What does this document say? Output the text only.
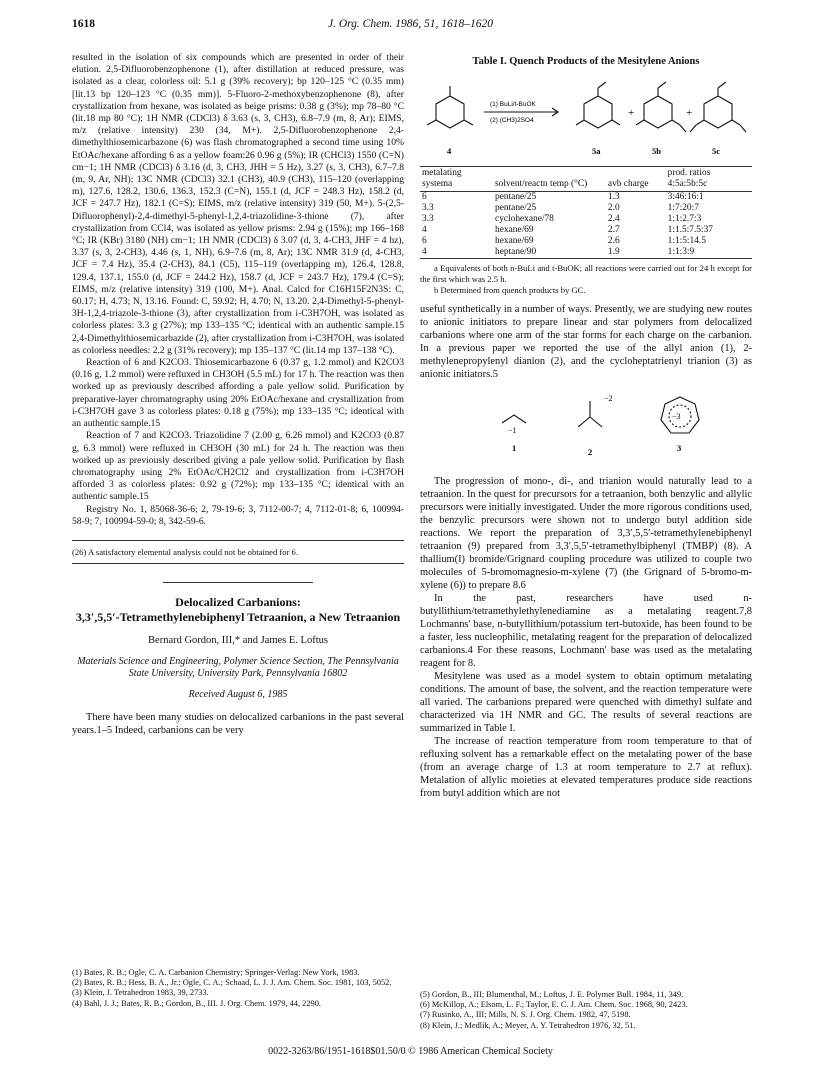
1618	J. Org. Chem. 1986, 51, 1618–1620

resulted in the isolation of six compounds which are presented in order of their elution. 2,5-Difluorobenzophenone (1), after distillation at reduced pressure, was isolated as a clear, colorless oil: 5.1 g (39% recovery); bp 120–125 °C (0.35 mm) [lit.13 bp 120–123 °C (0.35 mm)]. 5-Fluoro-2-methoxybenzophenone (8), after crystallization from hexane, was isolated as beige prisms: 0.38 g (3%); mp 78–80 °C (lit.18 mp 80 °C); 1H NMR (CDCl3) δ 3.63 (s, 3, CH3), 6.8–7.9 (m, 8, Ar); EIMS, m/z (relative intensity) 230 (34, M+). 2,5-Difluorobenzophenone 2,4-dimethylthiosemicarbazone (6) was flash chromatographed a second time using 10% EtOAc/hexane affording 6 as a yellow foam:26 0.96 g (5%); IR (CHCl3) 1550 (C=N) cm−1; 1H NMR (CDCl3) δ 3.16 (d, 3, CH3, JHH = 5 Hz), 3.27 (s, 3, CH3), 6.7–7.8 (m, 9, Ar, NH); 13C NMR (CDCl3) 32.1 (CH3), 40.9 (CH3), 115–120 (overlapping m), 127.6, 128.2, 130.6, 136.3, 152.3 (C=N), 155.1 (d, JCF = 248.3 Hz), 158.2 (d, JCF = 247.7 Hz), 182.1 (C=S); EIMS, m/z (relative intensity) 319 (50, M+). 5-(2,5-Difluorophenyl)-2,4-dimethyl-5-phenyl-1,2,4-triazolidine-3-thione (7), after crystallization from CCl4, was isolated as yellow prisms: 2.94 g (15%); mp 166–168 °C; IR (KBr) 3180 (NH) cm−1; 1H NMR (CDCl3) δ 3.07 (d, 3, 4-CH3, JHF = 4 hz), 3.37 (s, 3, 2-CH3), 4.46 (s, 1, NH), 6.9–7.6 (m, 8, Ar); 13C NMR 31.9 (d, 4-CH3, JCF = 7.4 Hz), 35.4 (2-CH3), 84.1 (C5), 115–119 (overlapping m), 126.4, 128.8, 129.4, 137.1, 155.0 (d, JCF = 244.2 Hz), 158.7 (d, JCF = 243.7 Hz), 179.4 (C=S); EIMS, m/z (relative intensity) 319 (100, M+). Anal. Calcd for C16H15F2N3S: C, 60.17; H, 4.73; N, 13.16. Found: C, 59.92; H, 4.70; N, 13.20. 2,4-Dimethyl-5-phenyl-3H-1,2,4-triazole-3-thione (3), after crystallization from i-C3H7OH, was isolated as colorless plates: 3.3 g (27%); mp 133–135 °C; identical with an authentic sample.15 2,4-Dimethylthiosemicarbazide (2), after crystallization from i-C3H7OH, was isolated as colorless needles: 2.2 g (31% recovery); mp 135–137 °C (lit.14 mp 137–138 °C).

Reaction of 6 and K2CO3. Thiosemicarbazone 6 (0.37 g, 1.2 mmol) and K2CO3 (0.16 g, 1.2 mmol) were refluxed in CH3OH (5.5 mL) for 17 h. The reaction was then worked up as previously described affording a pale yellow solid. Purification by preparative-layer chromatography using 20% EtOAc/hexane and crystallization from i-C3H7OH gave 3 as colorless plates: 0.18 g (75%); mp 133–135 °C; identical with an authentic sample.15

Reaction of 7 and K2CO3. Triazolidine 7 (2.00 g, 6.26 mmol) and K2CO3 (0.87 g, 6.3 mmol) were refluxed in CH3OH (30 mL) for 24 h. The reaction was then worked up as previously described giving a pale yellow solid. Purification by flash chromatography using 2% EtOAc/CH2Cl2 and crystallization from i-C3H7OH afforded 3 as colorless plates: 0.92 g (72%); mp 133–135 °C; identical with an authentic sample.15

Registry No. 1, 85068-36-6; 2, 79-19-6; 3, 7112-00-7; 4, 7112-01-8; 6, 100994-58-9; 7, 100994-59-0; 8, 342-59-6.

(26) A satisfactory elemental analysis could not be obtained for 6.

Delocalized Carbanions:
3,3′,5,5′-Tetramethylenebiphenyl Tetraanion, a New Tetraanion
Bernard Gordon, III,* and James E. Loftus
Materials Science and Engineering, Polymer Science Section, The Pennsylvania State University, University Park, Pennsylvania 16802
Received August 6, 1985

There have been many studies on delocalized carbanions in the past several years.1–5 Indeed, carbanions can be very

Table I. Quench Products of the Mesitylene Anions
(1) BuLi/t-BuOK
(2) (CH3)2SO4
+	+
4	5a	5b	5c
metalating systema	solvent/reactn temp (°C)	avb charge	prod. ratios 4:5a:5b:5c
6	pentane/25	1.3	3:46:16:1
3.3	pentane/25	2.0	1:7:20:7
3.3	cyclohexane/78	2.4	1:1:2.7:3
4	hexane/69	2.7	1:1.5:7.5:37
6	hexane/69	2.6	1:1:5:14.5
4	heptane/90	1.9	1:1:3:9

a Equivalents of both n-BuLi and t-BuOK; all reactions were carried out for 24 h except for the first which was 2.5 h.

b Determined from quench products by GC.

useful synthetically in a number of ways. Presently, we are studying new routes to anionic initiators to prepare linear and star polymers from delocalized carbanions where one arm of the star forms for each charge on the carbanion. In a previous paper we reported the use of the allyl anion (1), 2-methylenepropylenyl dianion (2), and the cycloheptatrienyl trianion (3) as anionic initiators.5

−1
−2
−3
1	2	3

The progression of mono-, di-, and trianion would naturally lead to a tetraanion. In the quest for precursors for a tetraanion, both benzylic and allylic precursors were initially investigated. Under the more rigorous conditions used, the benzylic precursors were shown not to undergo butyl addition side reactions. We report the preparation of 3,3′,5,5′-tetramethylenebiphenyl tetraanion (9) prepared from 3,3′,5,5′-tetramethylbiphenyl (TMBP) (8). A thallium(I) bromide/Grignard coupling procedure was utilized to couple two molecules of 5-bromomagnesio-m-xylene (7) (the Grignard of 5-bromo-m-xylene (6)) to prepare 8.6

In the past, researchers have used n-butyllithium/tetramethylethylenediamine as a metalating reagent.7,8 Lochmanns' base, n-butyllithium/potassium tert-butoxide, has been found to be a faster, less nucleophilic, metalating reagent for the preparation of delocalized carbanions.4 For these reasons, Lochmann' base was used as the metalating reagent for 8.

Mesitylene was used as a model system to obtain optimum metalating conditions. The amount of base, the solvent, and the reaction temperature were all varied. The carbanions prepared were quenched with dimethyl sulfate and characterized via 1H NMR and GC. The results of several reactions are summarized in Table I.

The increase of reaction temperature from room temperature to that of refluxing solvent has a remarkable effect on the metalating power of the base (from an average charge of 1.3 at room temperature to 2.7 at reflux). Metalation of allylic moieties at elevated temperatures produce side reactions from butyl addition which are not

(1) Bates, R. B.; Ogle, C. A. Carbanion Chemistry; Springer-Verlag: New York, 1983.

(2) Bates, R. B.; Hess, B. A., Jr.; Ogle, C. A.; Schaad, L. J. J. Am. Chem. Soc. 1981, 103, 5052.

(3) Klein, J. Tetrahedron 1983, 39, 2733.

(4) Bahl, J. J.; Bates, R. B.; Gordon, B., III. J. Org. Chem. 1979, 44, 2290.

(5) Gordon, B., III; Blumenthal, M.; Loftus, J. E. Polymer Bull. 1984, 11, 349.

(6) McKillop, A.; Elsom, L. F.; Taylor, E. C. J. Am. Chem. Soc. 1968, 90, 2423.

(7) Rusinko, A., III; Mills, N. S. J. Org. Chem. 1982, 47, 5198.

(8) Klein, J.; Medlik, A.; Meyer, A. Y. Tetrahedron 1976, 32, 51.

0022-3263/86/1951-1618$01.50/0 © 1986 American Chemical Society
